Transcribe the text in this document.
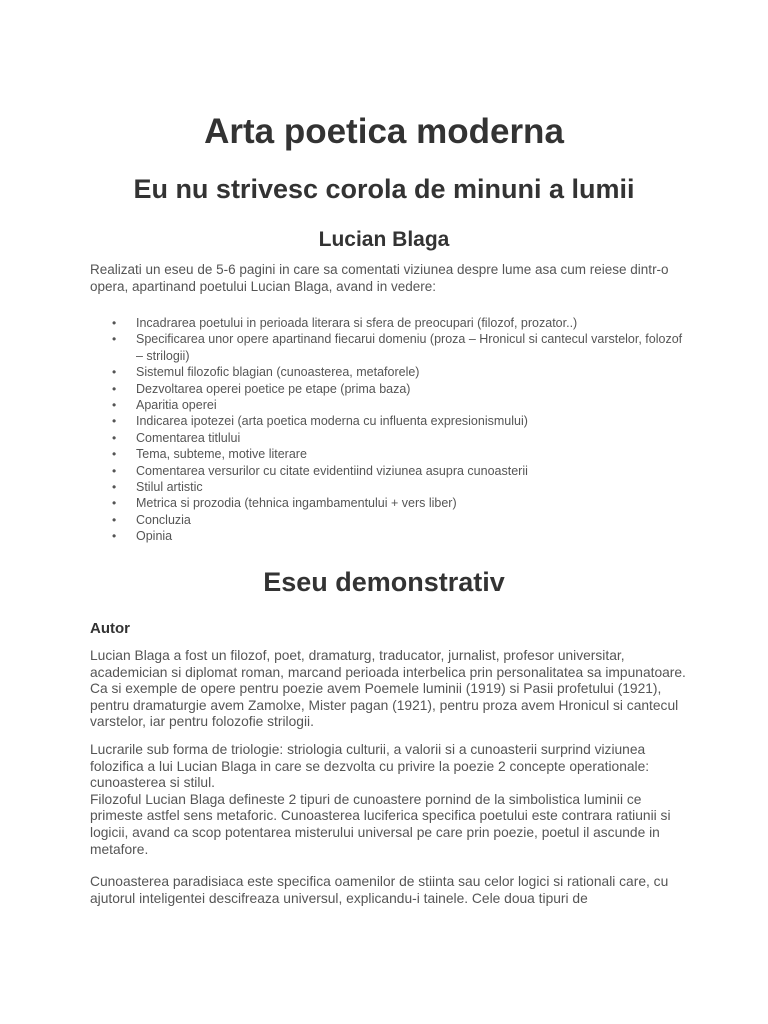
Arta poetica moderna
Eu nu strivesc corola de minuni a lumii
Lucian Blaga

Realizati un eseu de 5-6 pagini in care sa comentati viziunea despre lume asa cum reiese dintr-o opera, apartinand poetului Lucian Blaga, avand in vedere:

• Incadrarea poetului in perioada literara si sfera de preocupari (filozof, prozator..)
• Specificarea unor opere apartinand fiecarui domeniu (proza – Hronicul si cantecul varstelor, folozof – strilogii)
• Sistemul filozofic blagian (cunoasterea, metaforele)
• Dezvoltarea operei poetice pe etape (prima baza)
• Aparitia operei
• Indicarea ipotezei (arta poetica moderna cu influenta expresionismului)
• Comentarea titlului
• Tema, subteme, motive literare
• Comentarea versurilor cu citate evidentiind viziunea asupra cunoasterii
• Stilul artistic
• Metrica si prozodia (tehnica ingambamentului + vers liber)
• Concluzia
• Opinia
Eseu demonstrativ
Autor

Lucian Blaga a fost un filozof, poet, dramaturg, traducator, jurnalist, profesor universitar, academician si diplomat roman, marcand perioada interbelica prin personalitatea sa impunatoare. Ca si exemple de opere pentru poezie avem Poemele luminii (1919) si Pasii profetului (1921), pentru dramaturgie avem Zamolxe, Mister pagan (1921), pentru proza avem Hronicul si cantecul varstelor, iar pentru folozofie strilogii.

Lucrarile sub forma de triologie: striologia culturii, a valorii si a cunoasterii surprind viziunea folozifica a lui Lucian Blaga in care se dezvolta cu privire la poezie 2 concepte operationale: cunoasterea si stilul.
Filozoful Lucian Blaga defineste 2 tipuri de cunoastere pornind de la simbolistica luminii ce primeste astfel sens metaforic. Cunoasterea luciferica specifica poetului este contrara ratiunii si logicii, avand ca scop potentarea misterului universal pe care prin poezie, poetul il ascunde in metafore.

Cunoasterea paradisiaca este specifica oamenilor de stiinta sau celor logici si rationali care, cu ajutorul inteligentei descifreaza universul, explicandu-i tainele. Cele doua tipuri de
